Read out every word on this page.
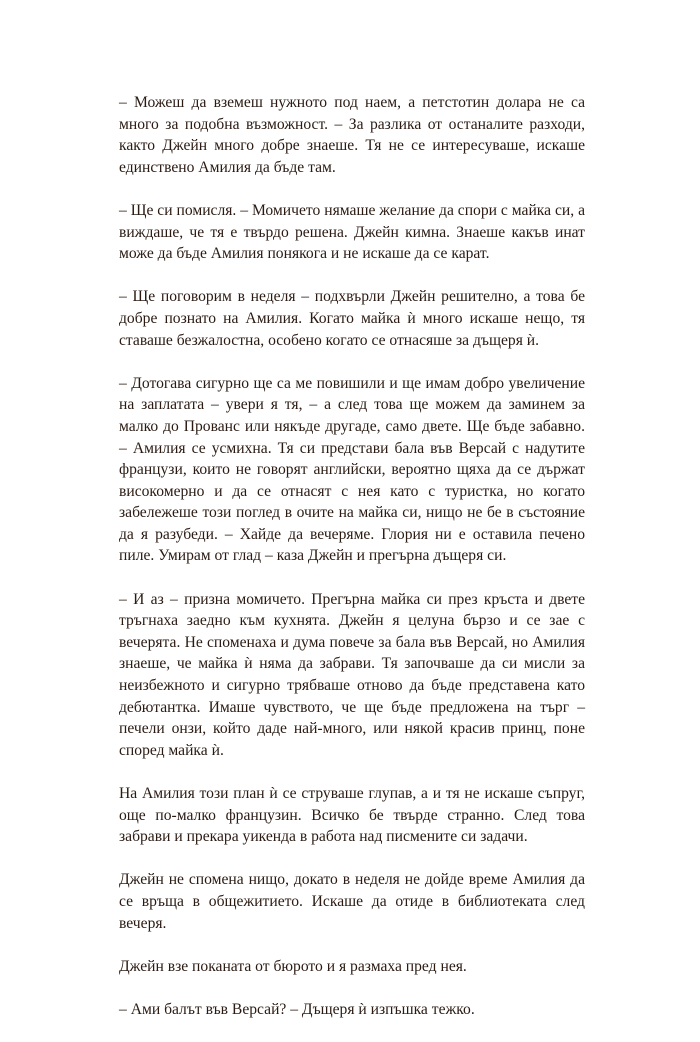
– Можеш да вземеш нужното под наем, а петстотин долара не са много за подобна възможност. – За разлика от останалите разходи, както Джейн много добре знаеше. Тя не се интересуваше, искаше единствено Амилия да бъде там.

– Ще си помисля. – Момичето нямаше желание да спори с майка си, а виждаше, че тя е твърдо решена. Джейн кимна. Знаеше какъв инат може да бъде Амилия понякога и не искаше да се карат.

– Ще поговорим в неделя – подхвърли Джейн решително, а това бе добре познато на Амилия. Когато майка ѝ много искаше нещо, тя ставаше безжалостна, особено когато се отнасяше за дъщеря ѝ.

– Дотогава сигурно ще са ме повишили и ще имам добро увеличение на заплатата – увери я тя, – а след това ще можем да заминем за малко до Прованс или някъде другаде, само двете. Ще бъде забавно. – Амилия се усмихна. Тя си представи бала във Версай с надутите французи, които не говорят английски, вероятно щяха да се държат високомерно и да се отнасят с нея като с туристка, но когато забележеше този поглед в очите на майка си, нищо не бе в състояние да я разубеди. – Хайде да вечеряме. Глория ни е оставила печено пиле. Умирам от глад – каза Джейн и прегърна дъщеря си.

– И аз – призна момичето. Прегърна майка си през кръста и двете тръгнаха заедно към кухнята. Джейн я целуна бързо и се зае с вечерята. Не споменаха и дума повече за бала във Версай, но Амилия знаеше, че майка ѝ няма да забрави. Тя започваше да си мисли за неизбежното и сигурно трябваше отново да бъде представена като дебютантка. Имаше чувството, че ще бъде предложена на търг – печели онзи, който даде най-много, или някой красив принц, поне според майка ѝ.

На Амилия този план ѝ се струваше глупав, а и тя не искаше съпруг, още по-малко французин. Всичко бе твърде странно. След това забрави и прекара уикенда в работа над писмените си задачи.

Джейн не спомена нищо, докато в неделя не дойде време Амилия да се връща в общежитието. Искаше да отиде в библиотеката след вечеря.

Джейн взе поканата от бюрото и я размаха пред нея.

– Ами балът във Версай? – Дъщеря ѝ изпъшка тежко.
